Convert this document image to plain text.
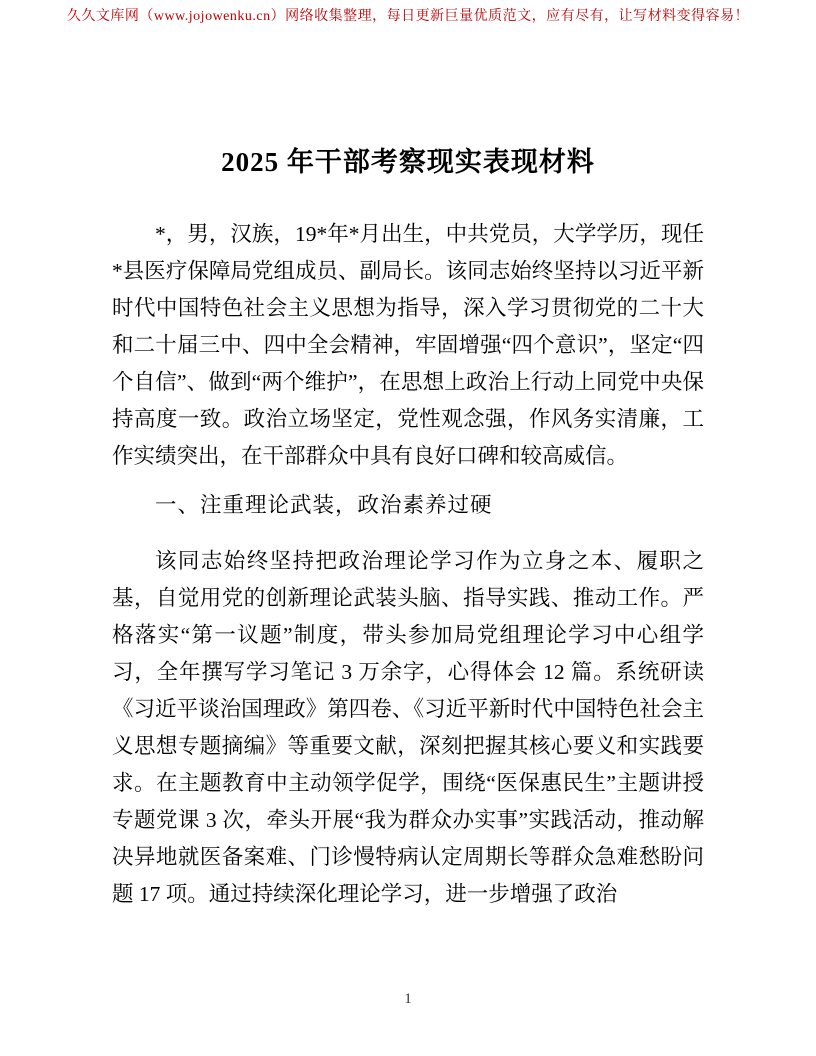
久久文库网（www.jojowenku.cn）网络收集整理，每日更新巨量优质范文，应有尽有，让写材料变得容易！
2025 年干部考察现实表现材料

*，男，汉族，19*年*月出生，中共党员，大学学历，现任*县医疗保障局党组成员、副局长。该同志始终坚持以习近平新时代中国特色社会主义思想为指导，深入学习贯彻党的二十大和二十届三中、四中全会精神，牢固增强“四个意识”，坚定“四个自信”、做到“两个维护”，在思想上政治上行动上同党中央保持高度一致。政治立场坚定，党性观念强，作风务实清廉，工作实绩突出，在干部群众中具有良好口碑和较高威信。

一、注重理论武装，政治素养过硬

该同志始终坚持把政治理论学习作为立身之本、履职之基，自觉用党的创新理论武装头脑、指导实践、推动工作。严格落实“第一议题”制度，带头参加局党组理论学习中心组学习，全年撰写学习笔记 3 万余字，心得体会 12 篇。系统研读《习近平谈治国理政》第四卷、《习近平新时代中国特色社会主义思想专题摘编》等重要文献，深刻把握其核心要义和实践要求。在主题教育中主动领学促学，围绕“医保惠民生”主题讲授专题党课 3 次，牵头开展“我为群众办实事”实践活动，推动解决异地就医备案难、门诊慢特病认定周期长等群众急难愁盼问题 17 项。通过持续深化理论学习，进一步增强了政治

1
